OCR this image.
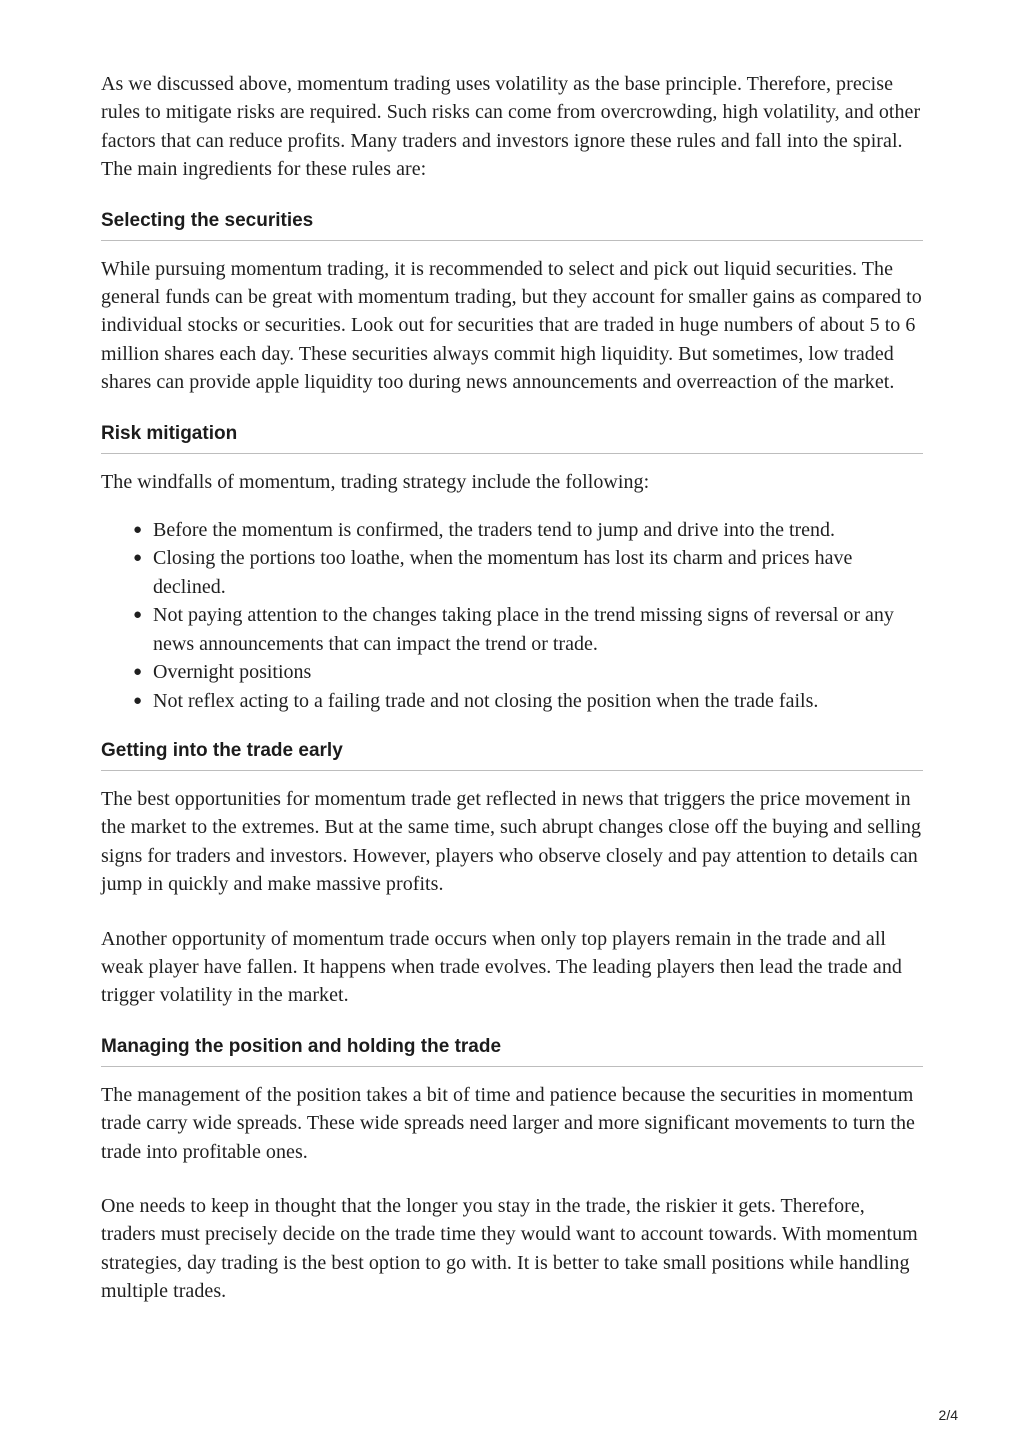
As we discussed above, momentum trading uses volatility as the base principle. Therefore, precise rules to mitigate risks are required. Such risks can come from overcrowding, high volatility, and other factors that can reduce profits. Many traders and investors ignore these rules and fall into the spiral. The main ingredients for these rules are:

Selecting the securities

While pursuing momentum trading, it is recommended to select and pick out liquid securities. The general funds can be great with momentum trading, but they account for smaller gains as compared to individual stocks or securities. Look out for securities that are traded in huge numbers of about 5 to 6 million shares each day. These securities always commit high liquidity. But sometimes, low traded shares can provide apple liquidity too during news announcements and overreaction of the market.

Risk mitigation

The windfalls of momentum, trading strategy include the following:

● Before the momentum is confirmed, the traders tend to jump and drive into the trend.
● Closing the portions too loathe, when the momentum has lost its charm and prices have declined.
● Not paying attention to the changes taking place in the trend missing signs of reversal or any news announcements that can impact the trend or trade.
● Overnight positions
● Not reflex acting to a failing trade and not closing the position when the trade fails.
Getting into the trade early

The best opportunities for momentum trade get reflected in news that triggers the price movement in the market to the extremes. But at the same time, such abrupt changes close off the buying and selling signs for traders and investors. However, players who observe closely and pay attention to details can jump in quickly and make massive profits.

Another opportunity of momentum trade occurs when only top players remain in the trade and all weak player have fallen. It happens when trade evolves. The leading players then lead the trade and trigger volatility in the market.

Managing the position and holding the trade

The management of the position takes a bit of time and patience because the securities in momentum trade carry wide spreads. These wide spreads need larger and more significant movements to turn the trade into profitable ones.

One needs to keep in thought that the longer you stay in the trade, the riskier it gets. Therefore, traders must precisely decide on the trade time they would want to account towards. With momentum strategies, day trading is the best option to go with. It is better to take small positions while handling multiple trades.

2/4
